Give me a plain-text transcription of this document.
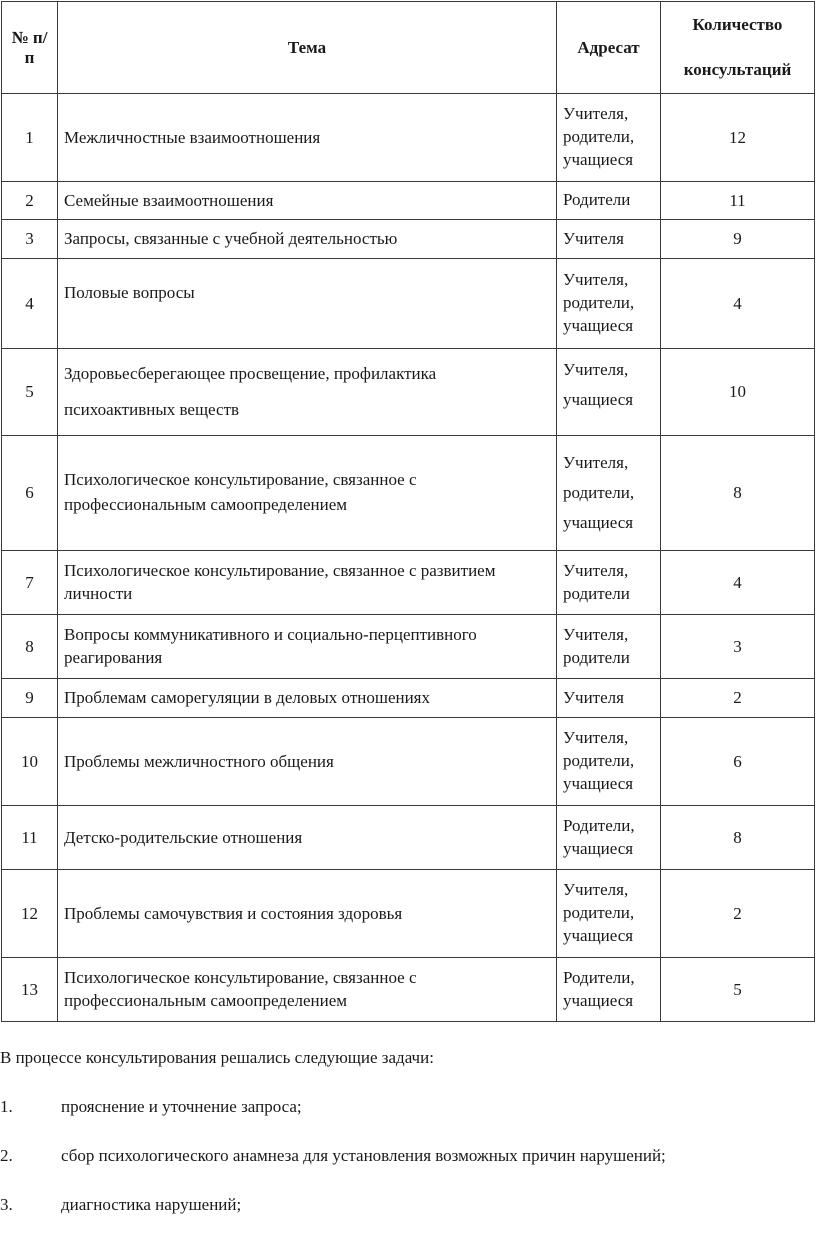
№ п/п	Тема	Адресат	Количество
консультаций

1	Межличностные взаимоотношения	Учителя, родители, учащиеся	12
2	Семейные взаимоотношения	Родители	11
3	Запросы, связанные с учебной деятельностью	Учителя	9
4	Половые вопросы	Учителя, родители, учащиеся	4
5	Здоровьесберегающее просвещение, профилактика психоактивных веществ	Учителя, учащиеся	10
6	Психологическое консультирование, связанное с профессиональным самоопределением	Учителя, родители, учащиеся	8
7	Психологическое консультирование, связанное с развитием личности	Учителя, родители	4
8	Вопросы коммуникативного и социально-перцептивного реагирования	Учителя, родители	3
9	Проблемам саморегуляции в деловых отношениях	Учителя	2
10	Проблемы межличностного общения	Учителя, родители, учащиеся	6
11	Детско-родительские отношения	Родители, учащиеся	8
12	Проблемы самочувствия и состояния здоровья	Учителя, родители, учащиеся	2
13	Психологическое консультирование, связанное с профессиональным самоопределением	Родители, учащиеся	5

В процессе консультирования решались следующие задачи:

1.	прояснение и уточнение запроса;

2.	сбор психологического анамнеза для установления возможных причин нарушений;

3.	диагностика нарушений;
